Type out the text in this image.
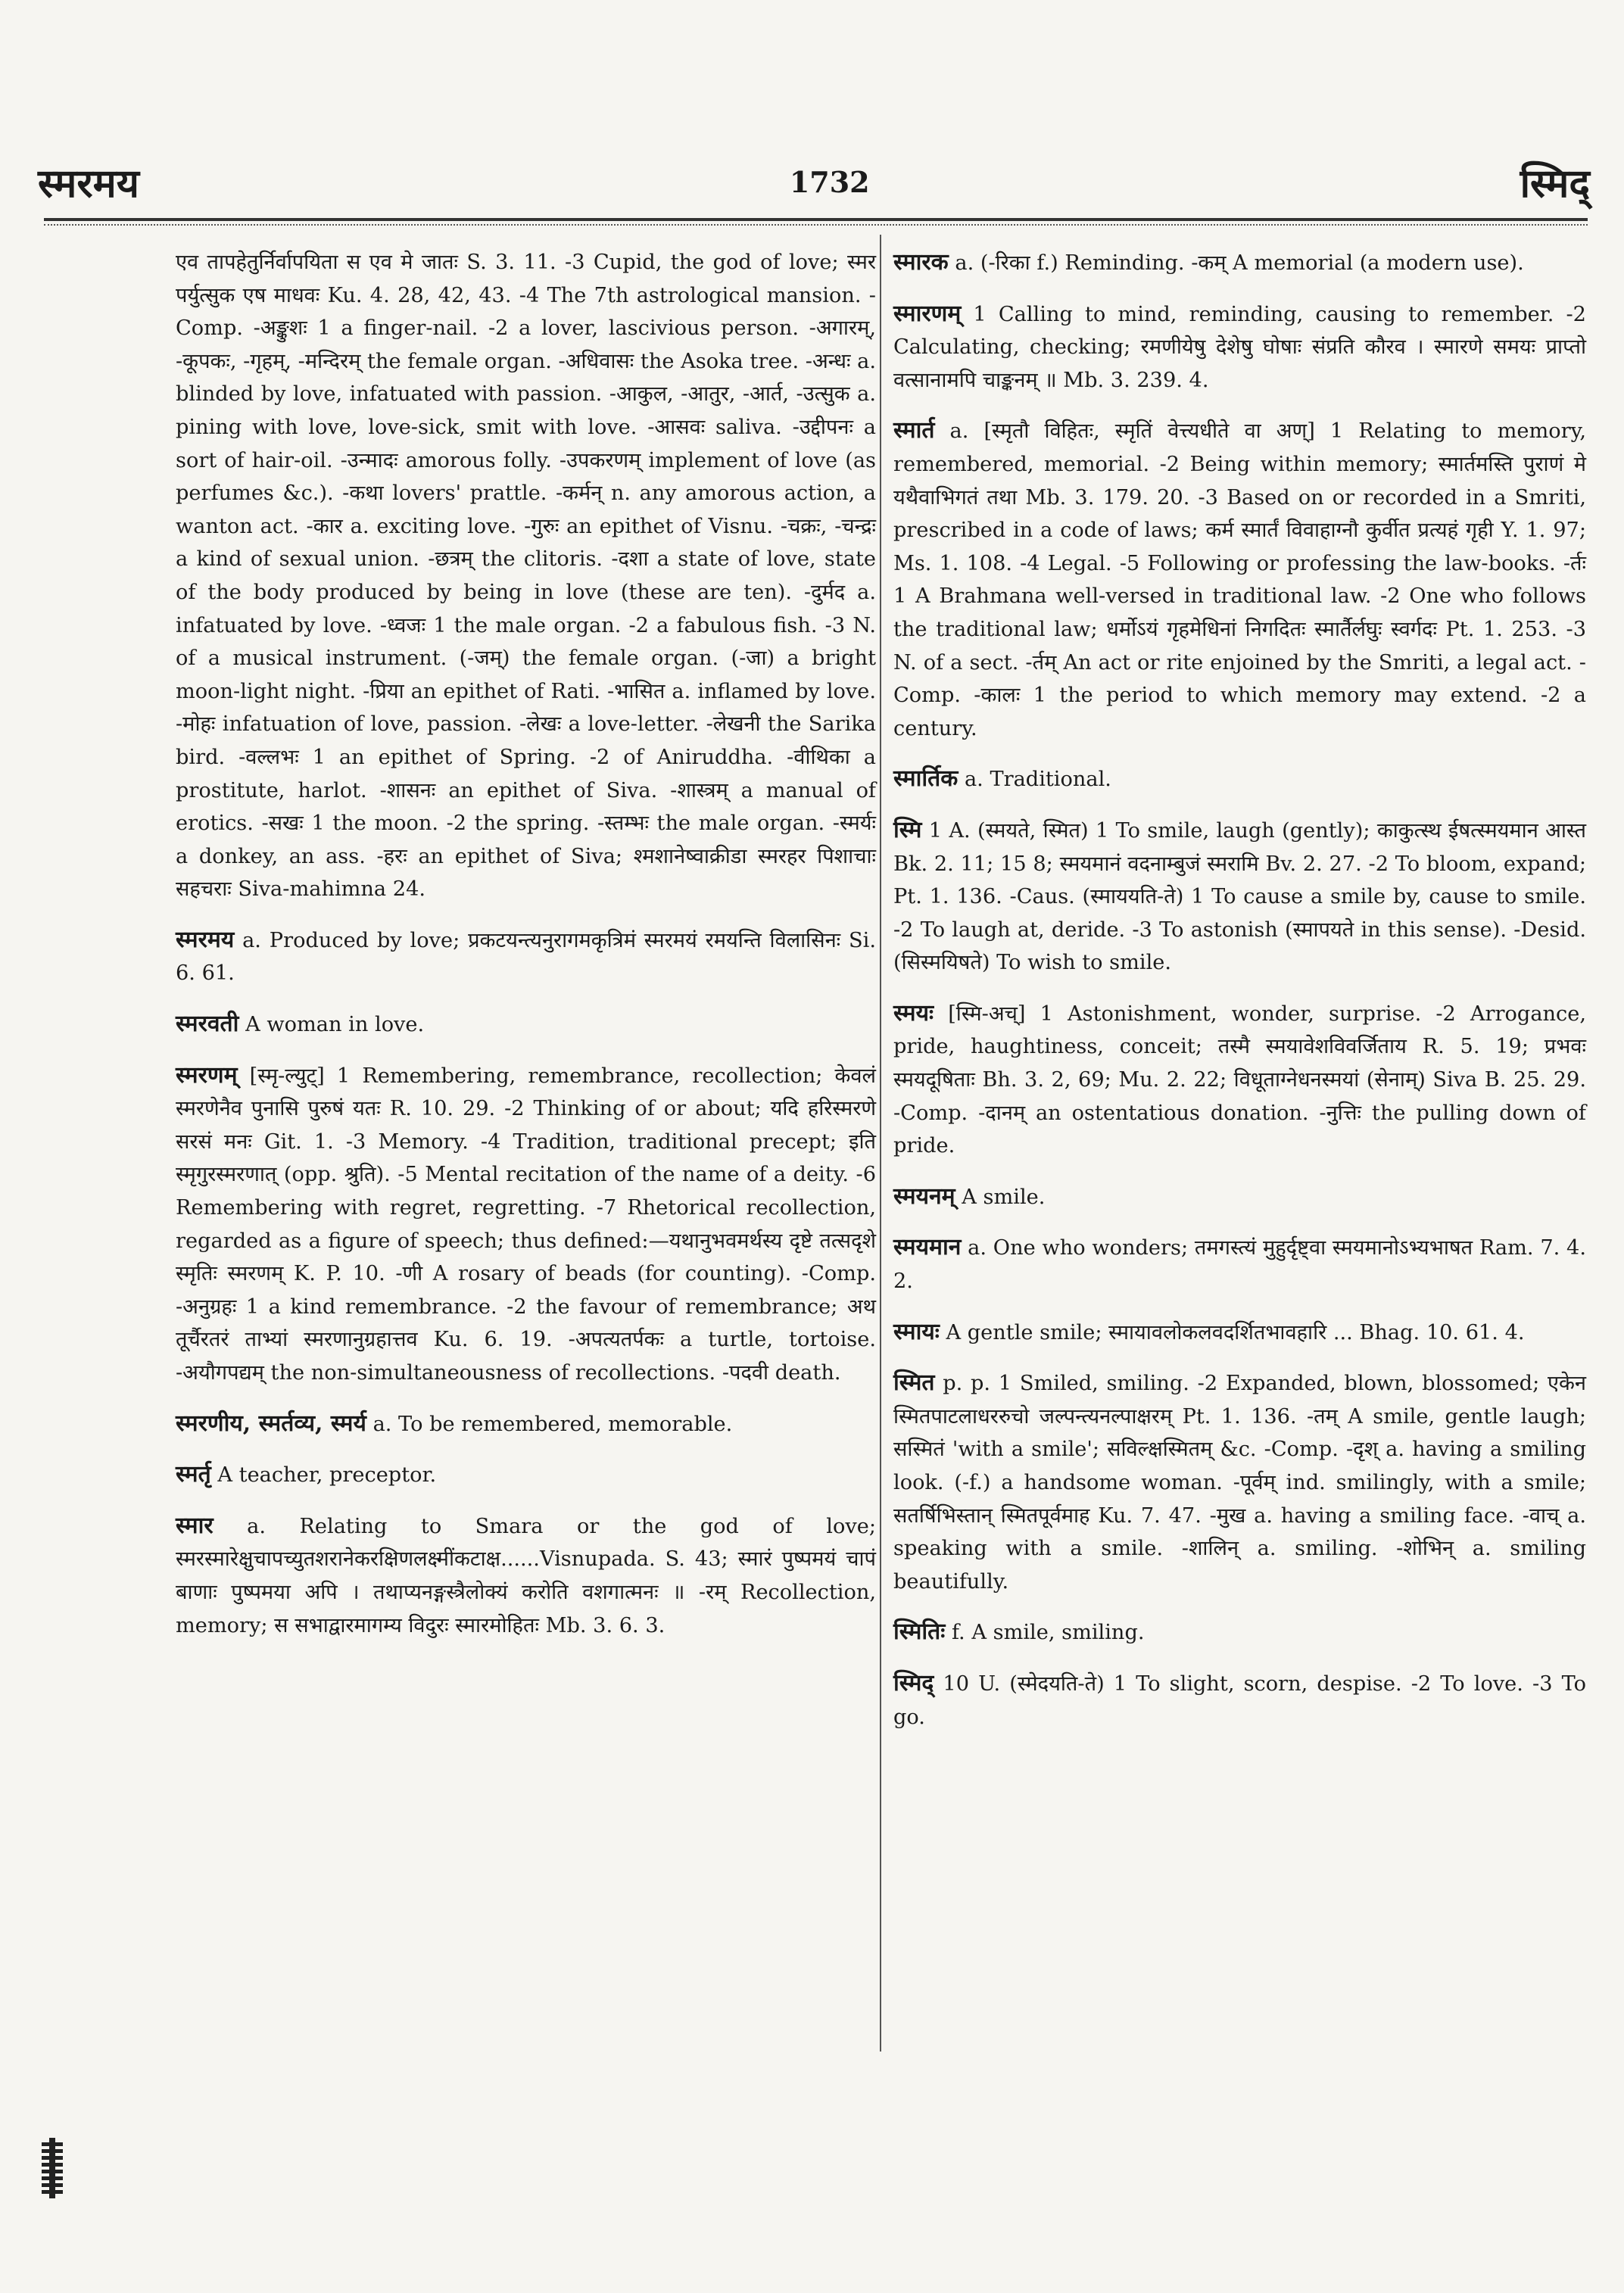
स्मरमय	1732	स्मिद्

एव तापहेतुर्निर्वापयिता स एव मे जातः S. 3. 11. -3 Cupid, the god of love; स्मर पर्युत्सुक एष माधवः Ku. 4. 28, 42, 43. -4 The 7th astrological mansion. -Comp. -अङ्कुशः 1 a finger-nail. -2 a lover, lascivious person. -अगारम्, -कूपकः, -गृहम्, -मन्दिरम् the female organ. -अधिवासः the Asoka tree. -अन्धः a. blinded by love, infatuated with passion. -आकुल, -आतुर, -आर्त, -उत्सुक a. pining with love, love-sick, smit with love. -आसवः saliva. -उद्दीपनः a sort of hair-oil. -उन्मादः amorous folly. -उपकरणम् implement of love (as perfumes &c.). -कथा lovers' prattle. -कर्मन् n. any amorous action, a wanton act. -कार a. exciting love. -गुरुः an epithet of Visnu. -चक्रः, -चन्द्रः a kind of sexual union. -छत्रम् the clitoris. -दशा a state of love, state of the body produced by being in love (these are ten). -दुर्मद a. infatuated by love. -ध्वजः 1 the male organ. -2 a fabulous fish. -3 N. of a musical instrument. (-जम्) the female organ. (-जा) a bright moon-light night. -प्रिया an epithet of Rati. -भासित a. inflamed by love. -मोहः infatuation of love, passion. -लेखः a love-letter. -लेखनी the Sarika bird. -वल्लभः 1 an epithet of Spring. -2 of Aniruddha. -वीथिका a prostitute, harlot. -शासनः an epithet of Siva. -शास्त्रम् a manual of erotics. -सखः 1 the moon. -2 the spring. -स्तम्भः the male organ. -स्मर्यः a donkey, an ass. -हरः an epithet of Siva; श्मशानेष्वाक्रीडा स्मरहर पिशाचाः सहचराः Siva-mahimna 24.

स्मरमय a. Produced by love; प्रकटयन्त्यनुरागमकृत्रिमं स्मरमयं रमयन्ति विलासिनः Si. 6. 61.

स्मरवती A woman in love.

स्मरणम् [स्मृ-ल्युट्] 1 Remembering, remembrance, recollection; केवलं स्मरणेनैव पुनासि पुरुषं यतः R. 10. 29. -2 Thinking of or about; यदि हरिस्मरणे सरसं मनः Git. 1. -3 Memory. -4 Tradition, traditional precept; इति स्मृगुरस्मरणात् (opp. श्रुति). -5 Mental recitation of the name of a deity. -6 Remembering with regret, regretting. -7 Rhetorical recollection, regarded as a figure of speech; thus defined:—यथानुभवमर्थस्य दृष्टे तत्सदृशे स्मृतिः स्मरणम् K. P. 10. -णी A rosary of beads (for counting). -Comp. -अनुग्रहः 1 a kind remembrance. -2 the favour of remembrance; अथ तूर्चैरतरं ताभ्यां स्मरणानुग्रहात्तव Ku. 6. 19. -अपत्यतर्पकः a turtle, tortoise. -अयौगपद्यम् the non-simultaneousness of recollections. -पदवी death.

स्मरणीय, स्मर्तव्य, स्मर्य a. To be remembered, memorable.

स्मर्तृ A teacher, preceptor.

स्मार a. Relating to Smara or the god of love; स्मरस्मारेक्षुचापच्युतशरानेकरक्षिणलक्ष्मींकटाक्ष......Visnupada. S. 43; स्मारं पुष्पमयं चापं बाणाः पुष्पमया अपि । तथाप्यनङ्गस्त्रैलोक्यं करोति वशगात्मनः ॥ -रम् Recollection, memory; स सभाद्वारमागम्य विदुरः स्मारमोहितः Mb. 3. 6. 3.

स्मारक a. (-रिका f.) Reminding. -कम् A memorial (a modern use).

स्मारणम् 1 Calling to mind, reminding, causing to remember. -2 Calculating, checking; रमणीयेषु देशेषु घोषाः संप्रति कौरव । स्मारणे समयः प्राप्तो वत्सानामपि चाङ्कनम् ॥ Mb. 3. 239. 4.

स्मार्त a. [स्मृतौ विहितः, स्मृतिं वेत्त्यधीते वा अण्] 1 Relating to memory, remembered, memorial. -2 Being within memory; स्मार्तमस्ति पुराणं मे यथैवाभिगतं तथा Mb. 3. 179. 20. -3 Based on or recorded in a Smriti, prescribed in a code of laws; कर्म स्मार्तं विवाहाग्नौ कुर्वीत प्रत्यहं गृही Y. 1. 97; Ms. 1. 108. -4 Legal. -5 Following or professing the law-books. -र्तः 1 A Brahmana well-versed in traditional law. -2 One who follows the traditional law; धर्मोऽयं गृहमेधिनां निगदितः स्मार्तैर्लघुः स्वर्गदः Pt. 1. 253. -3 N. of a sect. -र्तम् An act or rite enjoined by the Smriti, a legal act. -Comp. -कालः 1 the period to which memory may extend. -2 a century.

स्मार्तिक a. Traditional.

स्मि 1 A. (स्मयते, स्मित) 1 To smile, laugh (gently); काकुत्स्थ ईषत्स्मयमान आस्त Bk. 2. 11; 15 8; स्मयमानं वदनाम्बुजं स्मरामि Bv. 2. 27. -2 To bloom, expand; Pt. 1. 136. -Caus. (स्माययति-ते) 1 To cause a smile by, cause to smile. -2 To laugh at, deride. -3 To astonish (स्मापयते in this sense). -Desid. (सिस्मयिषते) To wish to smile.

स्मयः [स्मि-अच्] 1 Astonishment, wonder, surprise. -2 Arrogance, pride, haughtiness, conceit; तस्मै स्मयावेशविवर्जिताय R. 5. 19; प्रभवः स्मयदूषिताः Bh. 3. 2, 69; Mu. 2. 22; विधूताग्नेधनस्मयां (सेनाम्) Siva B. 25. 29. -Comp. -दानम् an ostentatious donation. -नुत्तिः the pulling down of pride.

स्मयनम् A smile.

स्मयमान a. One who wonders; तमगस्त्यं मुहुर्दृष्ट्वा स्मयमानोऽभ्यभाषत Ram. 7. 4. 2.

स्मायः A gentle smile; स्मायावलोकलवदर्शितभावहारि ... Bhag. 10. 61. 4.

स्मित p. p. 1 Smiled, smiling. -2 Expanded, blown, blossomed; एकेन स्मितपाटलाधररुचो जल्पन्त्यनल्पाक्षरम् Pt. 1. 136. -तम् A smile, gentle laugh; सस्मितं 'with a smile'; सविल्क्षस्मितम् &c. -Comp. -दृश् a. having a smiling look. (-f.) a handsome woman. -पूर्वम् ind. smilingly, with a smile; सतर्षिभिस्तान् स्मितपूर्वमाह Ku. 7. 47. -मुख a. having a smiling face. -वाच् a. speaking with a smile. -शालिन् a. smiling. -शोभिन् a. smiling beautifully.

स्मितिः f. A smile, smiling.

स्मिद् 10 U. (स्मेदयति-ते) 1 To slight, scorn, despise. -2 To love. -3 To go.
